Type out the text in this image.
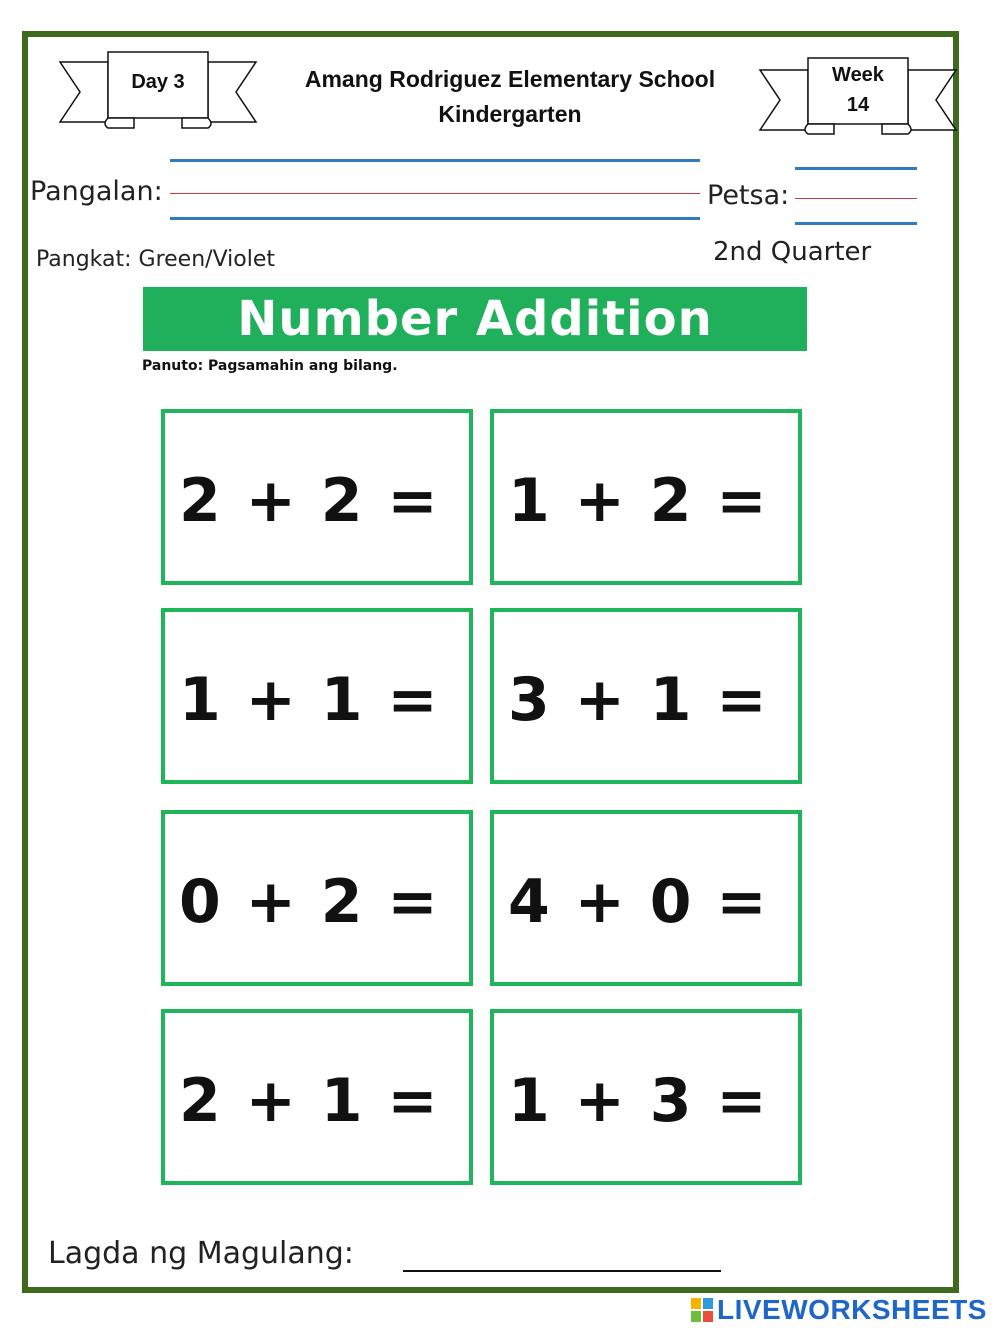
Day 3	Week
14
Amang Rodriguez Elementary School
Kindergarten
Pangalan:	Petsa:
Pangkat: Green/Violet	2nd Quarter
Number Addition
Panuto: Pagsamahin ang bilang.
2 + 2 = 1 + 2 =
1 + 1 = 3 + 1 =
0 + 2 = 4 + 0 =
2 + 1 = 1 + 3 =
Lagda ng Magulang:
LIVEWORKSHEETS
